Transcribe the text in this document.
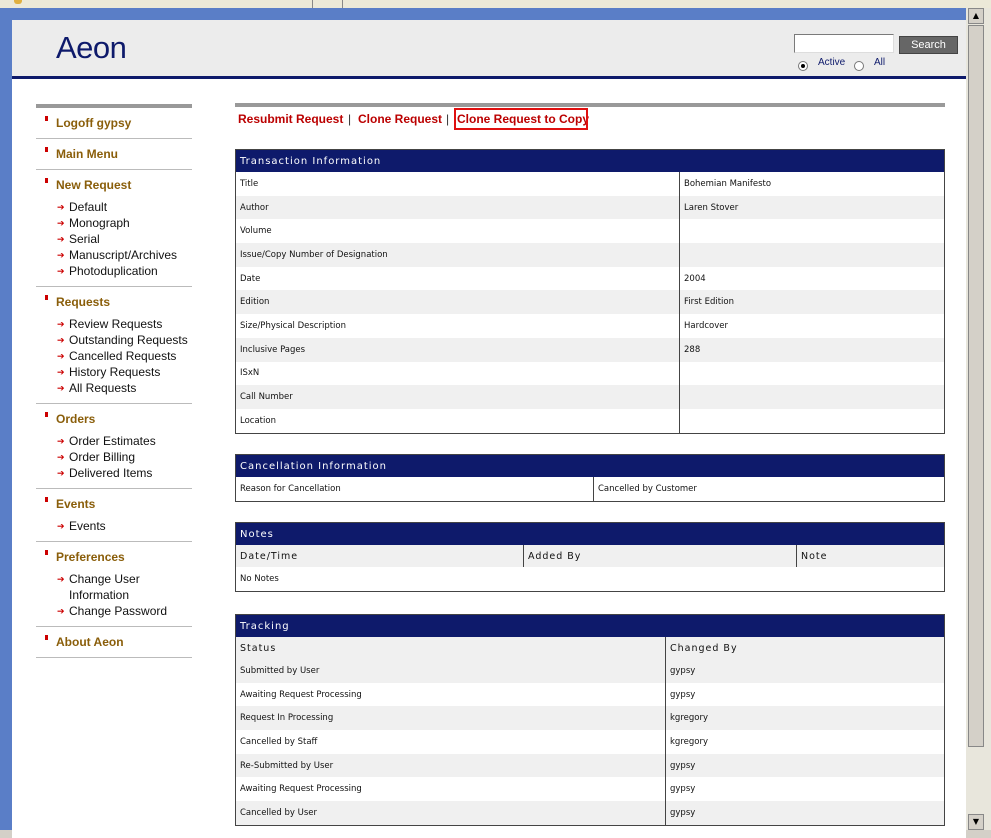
Aeon	Search
Active	All
Logoff gypsy
Main Menu
New Request
➔ Default
➔ Monograph
➔ Serial
➔ Manuscript/Archives
➔ Photoduplication
Requests
➔ Review Requests
➔ Outstanding Requests
➔ Cancelled Requests
➔ History Requests
➔ All Requests
Orders
➔ Order Estimates
➔ Order Billing
➔ Delivered Items
Events
➔ Events
Preferences
➔ Change User Information
➔ Change Password
About Aeon
Resubmit Request | Clone Request | Clone Request to Copy
Transaction Information
Title	Bohemian Manifesto
Author	Laren Stover
Volume	
Issue/Copy Number of Designation	
Date	2004
Edition	First Edition
Size/Physical Description	Hardcover
Inclusive Pages	288
ISxN	
Call Number	
Location	
Cancellation Information
Reason for Cancellation	Cancelled by Customer
Notes
Date/Time	Added By	Note
No Notes
Tracking
Status	Changed By
Submitted by User	gypsy
Awaiting Request Processing	gypsy
Request In Processing	kgregory
Cancelled by Staff	kgregory
Re-Submitted by User	gypsy
Awaiting Request Processing	gypsy
Cancelled by User	gypsy
▲
▼
